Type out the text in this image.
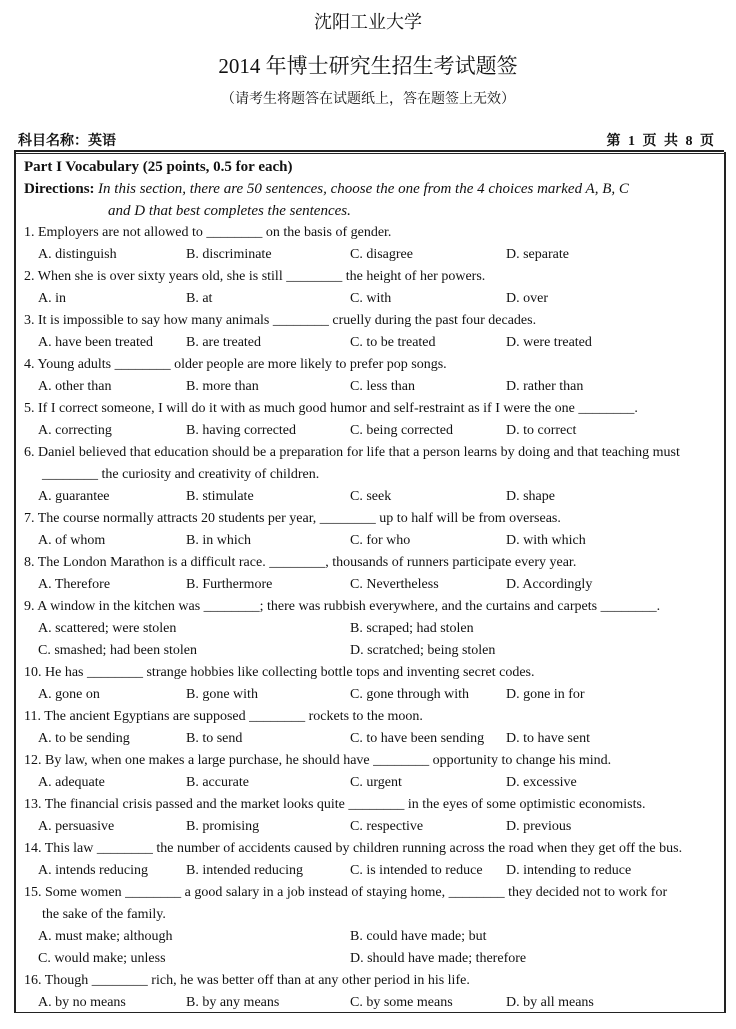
沈阳工业大学
2014 年博士研究生招生考试题签
（请考生将题答在试题纸上，答在题签上无效）
科目名称：英语	第 1 页 共 8 页
Part I Vocabulary (25 points, 0.5 for each)
Directions: In this section, there are 50 sentences, choose the one from the 4 choices marked A, B, C
and D that best completes the sentences.
1. Employers are not allowed to ________ on the basis of gender.
A. distinguish	B. discriminate	C. disagree	D. separate
2. When she is over sixty years old, she is still ________ the height of her powers.
A. in	B. at	C. with	D. over
3. It is impossible to say how many animals ________ cruelly during the past four decades.
A. have been treated B. are treated	C. to be treated	D. were treated
4. Young adults ________ older people are more likely to prefer pop songs.
A. other than	B. more than	C. less than	D. rather than
5. If I correct someone, I will do it with as much good humor and self-restraint as if I were the one ________.
A. correcting	B. having corrected	C. being corrected	D. to correct
6. Daniel believed that education should be a preparation for life that a person learns by doing and that teaching must
________ the curiosity and creativity of children.
A. guarantee	B. stimulate	C. seek	D. shape
7. The course normally attracts 20 students per year, ________ up to half will be from overseas.
A. of whom	B. in which	C. for who	D. with which
8. The London Marathon is a difficult race. ________, thousands of runners participate every year.
A. Therefore	B. Furthermore	C. Nevertheless	D. Accordingly
9. A window in the kitchen was ________; there was rubbish everywhere, and the curtains and carpets ________.
A. scattered; were stolen	B. scraped; had stolen
C. smashed; had been stolen	D. scratched; being stolen
10. He has ________ strange hobbies like collecting bottle tops and inventing secret codes.
A. gone on	B. gone with	C. gone through with	D. gone in for
11. The ancient Egyptians are supposed ________ rockets to the moon.
A. to be sending	B. to send	C. to have been sending D. to have sent
12. By law, when one makes a large purchase, he should have ________ opportunity to change his mind.
A. adequate	B. accurate	C. urgent	D. excessive
13. The financial crisis passed and the market looks quite ________ in the eyes of some optimistic economists.
A. persuasive	B. promising	C. respective	D. previous
14. This law ________ the number of accidents caused by children running across the road when they get off the bus.
A. intends reducing	B. intended reducing	C. is intended to reduce D. intending to reduce
15. Some women ________ a good salary in a job instead of staying home, ________ they decided not to work for
the sake of the family.
A. must make; although	B. could have made; but
C. would make; unless	D. should have made; therefore
16. Though ________ rich, he was better off than at any other period in his life.
A. by no means	B. by any means	C. by some means	D. by all means
